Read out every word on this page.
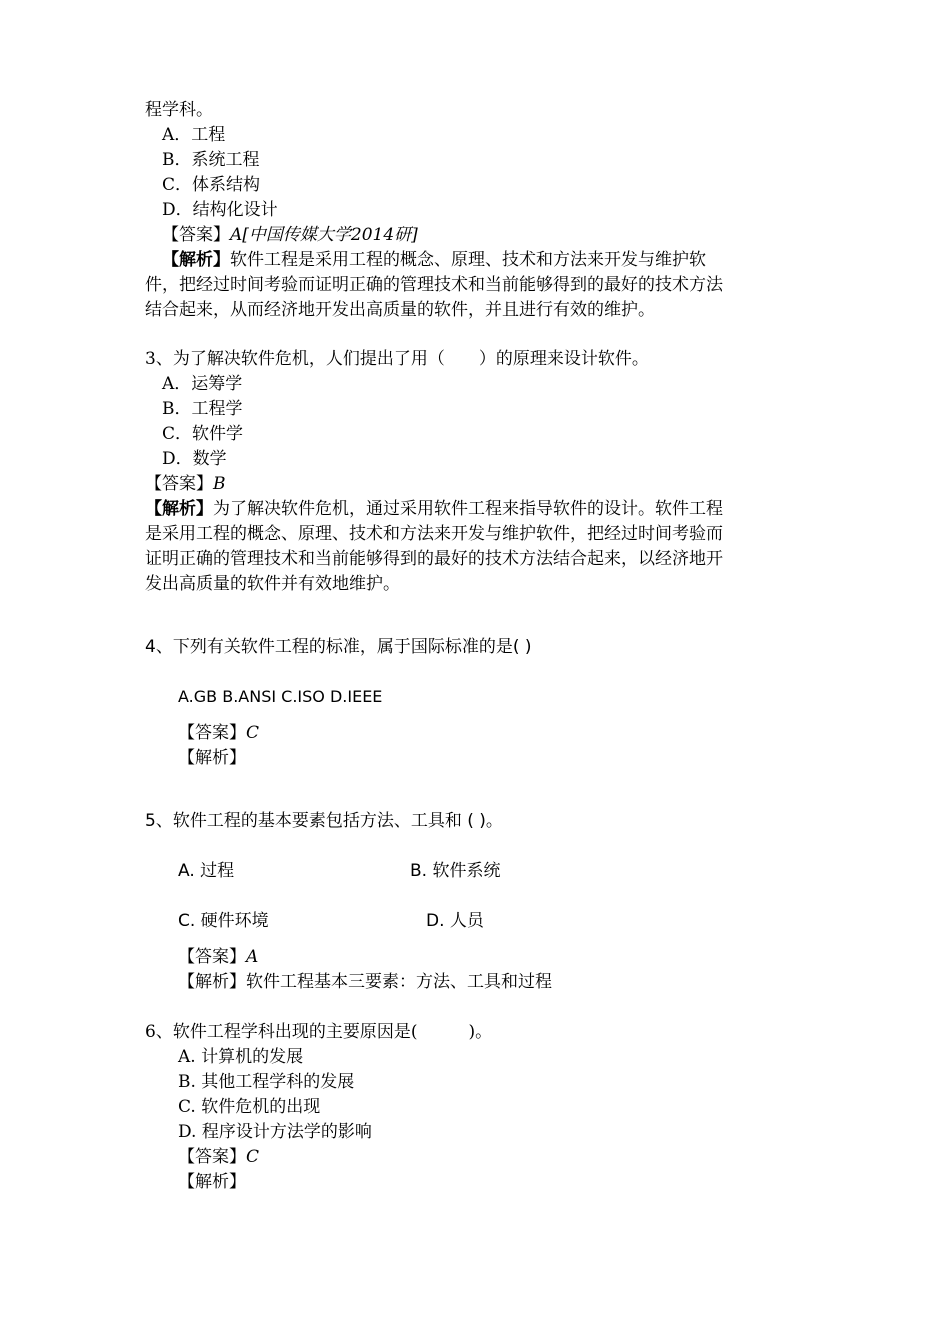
程学科。
A．工程
B．系统工程
C．体系结构
D．结构化设计
【答案】A[中国传媒大学2014研]
【解析】软件工程是采用工程的概念、原理、技术和方法来开发与维护软
件，把经过时间考验而证明正确的管理技术和当前能够得到的最好的技术方法
结合起来，从而经济地开发出高质量的软件，并且进行有效的维护。
3、为了解决软件危机，人们提出了用（　　）的原理来设计软件。
A．运筹学
B．工程学
C．软件学
D．数学
【答案】B
【解析】为了解决软件危机，通过采用软件工程来指导软件的设计。软件工程
是采用工程的概念、原理、技术和方法来开发与维护软件，把经过时间考验而
证明正确的管理技术和当前能够得到的最好的技术方法结合起来，以经济地开
发出高质量的软件并有效地维护。
4、下列有关软件工程的标准，属于国际标准的是( )
A.GB B.ANSI C.ISO D.IEEE
【答案】C
【解析】
5、软件工程的基本要素包括方法、工具和 ( )。
A. 过程	B. 软件系统
C. 硬件环境	D. 人员
【答案】A
【解析】软件工程基本三要素：方法、工具和过程
6、软件工程学科出现的主要原因是(　　　)。
A. 计算机的发展
B. 其他工程学科的发展
C. 软件危机的出现
D. 程序设计方法学的影响
【答案】C
【解析】
